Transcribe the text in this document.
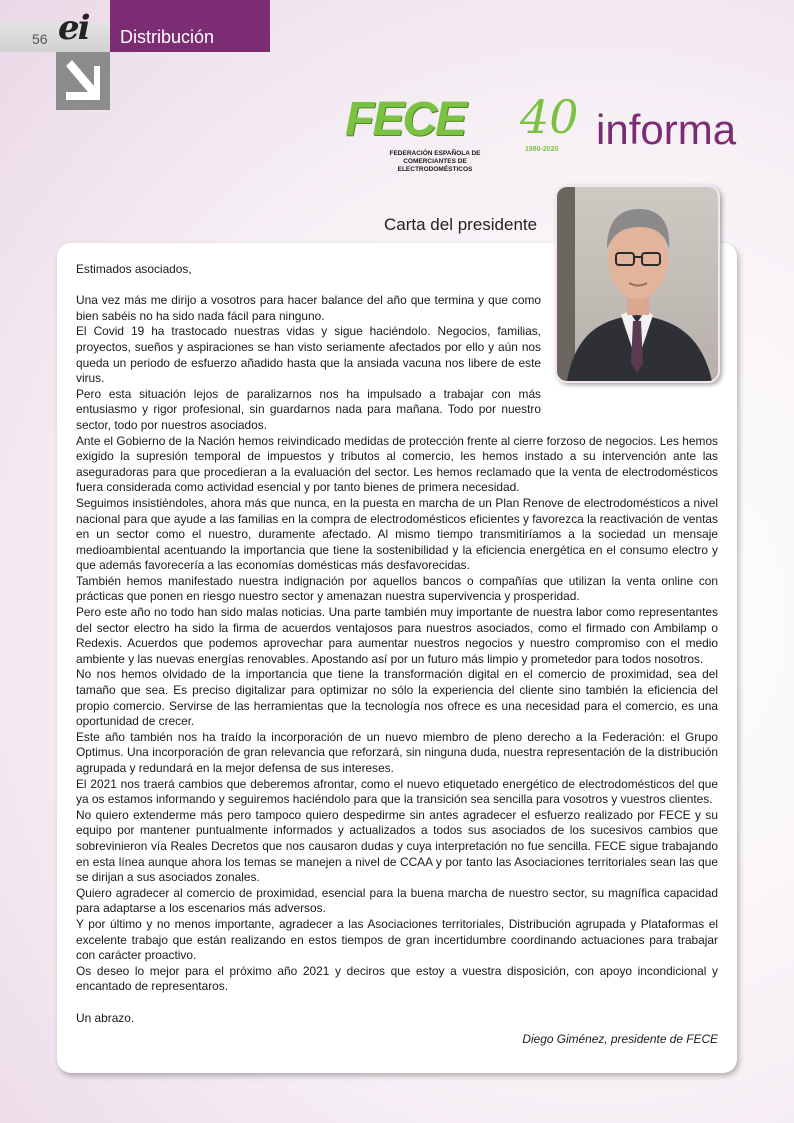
56 ei Distribución
FECE 40
FEDERACIÓN ESPAÑOLA DE COMERCIANTES DE ELECTRODOMÉSTICOS
1980-2020 informa
Carta del presidente

Estimados asociados,

Una vez más me dirijo a vosotros para hacer balance del año que termina y que como bien sabéis no ha sido nada fácil para ninguno.

El Covid 19 ha trastocado nuestras vidas y sigue haciéndolo. Negocios, familias, proyectos, sueños y aspiraciones se han visto seriamente afectados por ello y aún nos queda un periodo de esfuerzo añadido hasta que la ansiada vacuna nos libere de este virus.

Pero esta situación lejos de paralizarnos nos ha impulsado a trabajar con más entusiasmo y rigor profesional, sin guardarnos nada para mañana. Todo por nuestro sector, todo por nuestros asociados.

Ante el Gobierno de la Nación hemos reivindicado medidas de protección frente al cierre forzoso de negocios. Les hemos exigido la supresión temporal de impuestos y tributos al comercio, les hemos instado a su intervención ante las aseguradoras para que procedieran a la evaluación del sector. Les hemos reclamado que la venta de electrodomésticos fuera considerada como actividad esencial y por tanto bienes de primera necesidad.

Seguimos insistiéndoles, ahora más que nunca, en la puesta en marcha de un Plan Renove de electrodomésticos a nivel nacional para que ayude a las familias en la compra de electrodomésticos eficientes y favorezca la reactivación de ventas en un sector como el nuestro, duramente afectado. Al mismo tiempo transmitiríamos a la sociedad un mensaje medioambiental acentuando la importancia que tiene la sostenibilidad y la eficiencia energética en el consumo electro y que además favorecería a las economías domésticas más desfavorecidas.

También hemos manifestado nuestra indignación por aquellos bancos o compañías que utilizan la venta online con prácticas que ponen en riesgo nuestro sector y amenazan nuestra supervivencia y prosperidad.

Pero este año no todo han sido malas noticias. Una parte también muy importante de nuestra labor como representantes del sector electro ha sido la firma de acuerdos ventajosos para nuestros asociados, como el firmado con Ambilamp o Redexis. Acuerdos que podemos aprovechar para aumentar nuestros negocios y nuestro compromiso con el medio ambiente y las nuevas energías renovables. Apostando así por un futuro más limpio y prometedor para todos nosotros.

No nos hemos olvidado de la importancia que tiene la transformación digital en el comercio de proximidad, sea del tamaño que sea. Es preciso digitalizar para optimizar no sólo la experiencia del cliente sino también la eficiencia del propio comercio. Servirse de las herramientas que la tecnología nos ofrece es una necesidad para el comercio, es una oportunidad de crecer.

Este año también nos ha traído la incorporación de un nuevo miembro de pleno derecho a la Federación: el Grupo Optimus. Una incorporación de gran relevancia que reforzará, sin ninguna duda, nuestra representación de la distribución agrupada y redundará en la mejor defensa de sus intereses.

El 2021 nos traerá cambios que deberemos afrontar, como el nuevo etiquetado energético de electrodomésticos del que ya os estamos informando y seguiremos haciéndolo para que la transición sea sencilla para vosotros y vuestros clientes.

No quiero extenderme más pero tampoco quiero despedirme sin antes agradecer el esfuerzo realizado por FECE y su equipo por mantener puntualmente informados y actualizados a todos sus asociados de los sucesivos cambios que sobrevinieron vía Reales Decretos que nos causaron dudas y cuya interpretación no fue sencilla. FECE sigue trabajando en esta línea aunque ahora los temas se manejen a nivel de CCAA y por tanto las Asociaciones territoriales sean las que se dirijan a sus asociados zonales.

Quiero agradecer al comercio de proximidad, esencial para la buena marcha de nuestro sector, su magnífica capacidad para adaptarse a los escenarios más adversos.

Y por último y no menos importante, agradecer a las Asociaciones territoriales, Distribución agrupada y Plataformas el excelente trabajo que están realizando en estos tiempos de gran incertidumbre coordinando actuaciones para trabajar con carácter proactivo.

Os deseo lo mejor para el próximo año 2021 y deciros que estoy a vuestra disposición, con apoyo incondicional y encantado de representaros.

Un abrazo.

Diego Giménez, presidente de FECE
